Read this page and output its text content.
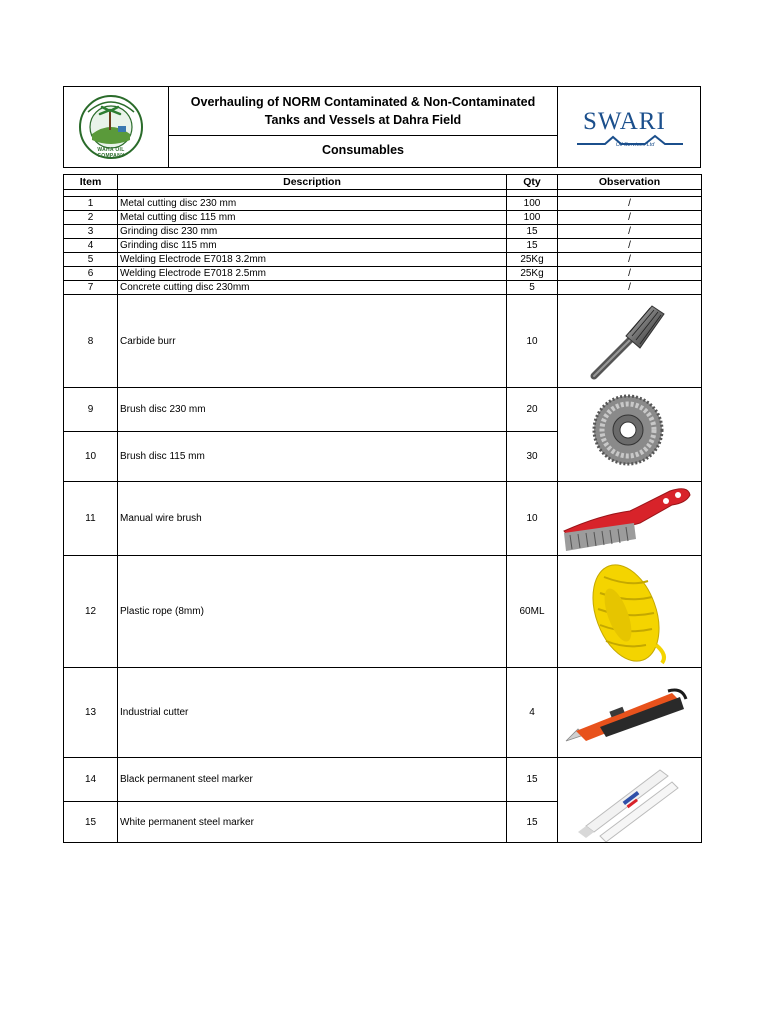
WAHA OIL COMPANY
Overhauling of NORM Contaminated & Non-Contaminated
Tanks and Vessels at Dahra Field
Consumables
SWARI
Oil Services Ltd
Item	Description	Qty	Observation

1	Metal cutting disc 230 mm	100	/
2	Metal cutting disc 115 mm	100	/
3	Grinding disc 230 mm	15	/
4	Grinding disc 115 mm	15	/
5	Welding Electrode E7018 3.2mm	25Kg	/
6	Welding Electrode E7018 2.5mm	25Kg	/
7	Concrete cutting disc 230mm	5	/
8	Carbide burr	10	

9	Brush disc 230 mm	20	

10	Brush disc 115 mm	30	
11	Manual wire brush	10	

12	Plastic rope (8mm)	60ML	

13	Industrial cutter	4	

14	Black permanent steel marker	15	

15	White permanent steel marker	15	
